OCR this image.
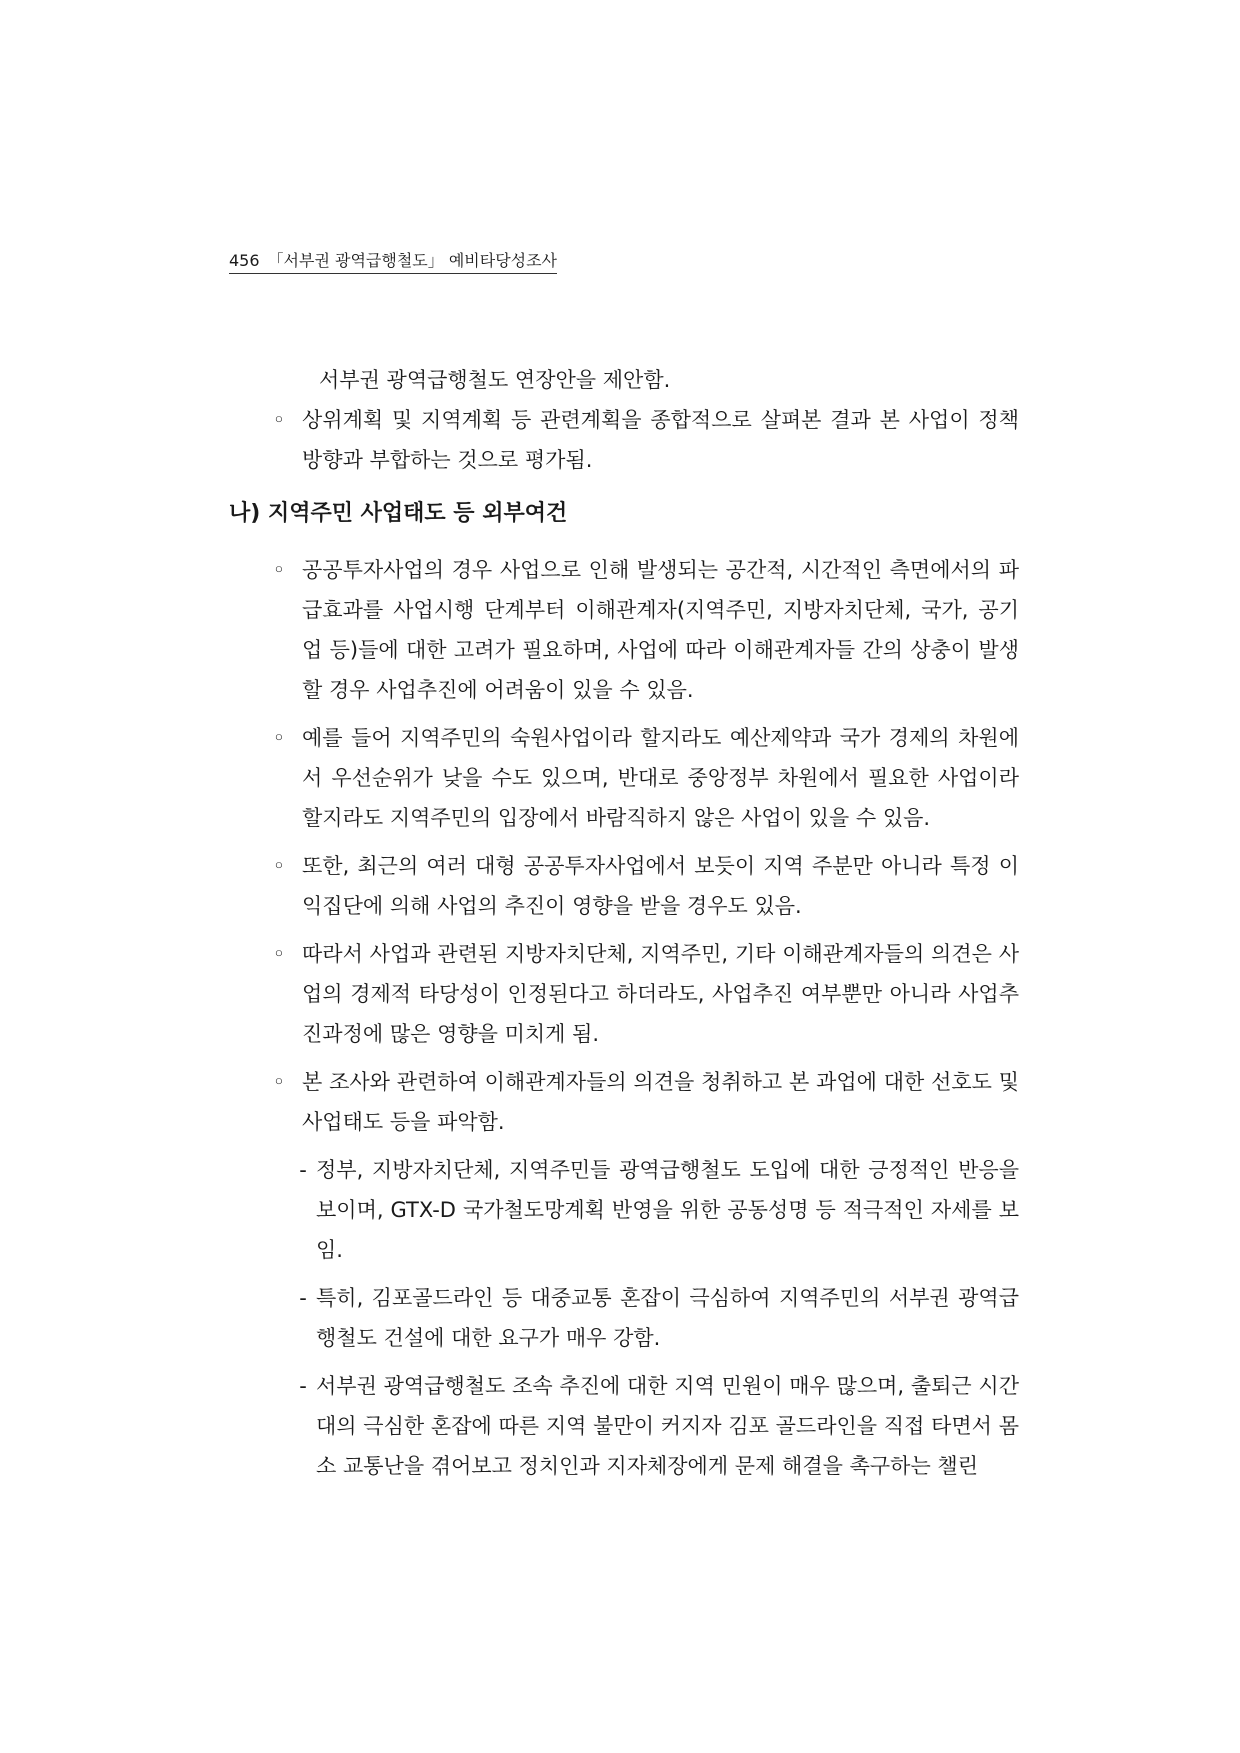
456 「서부권 광역급행철도」 예비타당성조사

서부권 광역급행철도 연장안을 제안함.

◦ 상위계획 및 지역계획 등 관련계획을 종합적으로 살펴본 결과 본 사업이 정책 방향과 부합하는 것으로 평가됨.

나) 지역주민 사업태도 등 외부여건

◦ 공공투자사업의 경우 사업으로 인해 발생되는 공간적, 시간적인 측면에서의 파급효과를 사업시행 단계부터 이해관계자(지역주민, 지방자치단체, 국가, 공기업 등)들에 대한 고려가 필요하며, 사업에 따라 이해관계자들 간의 상충이 발생할 경우 사업추진에 어려움이 있을 수 있음.

◦ 예를 들어 지역주민의 숙원사업이라 할지라도 예산제약과 국가 경제의 차원에서 우선순위가 낮을 수도 있으며, 반대로 중앙정부 차원에서 필요한 사업이라 할지라도 지역주민의 입장에서 바람직하지 않은 사업이 있을 수 있음.

◦ 또한, 최근의 여러 대형 공공투자사업에서 보듯이 지역 주분만 아니라 특정 이익집단에 의해 사업의 추진이 영향을 받을 경우도 있음.

◦ 따라서 사업과 관련된 지방자치단체, 지역주민, 기타 이해관계자들의 의견은 사업의 경제적 타당성이 인정된다고 하더라도, 사업추진 여부뿐만 아니라 사업추진과정에 많은 영향을 미치게 됨.

◦ 본 조사와 관련하여 이해관계자들의 의견을 청취하고 본 과업에 대한 선호도 및 사업태도 등을 파악함.

- 정부, 지방자치단체, 지역주민들 광역급행철도 도입에 대한 긍정적인 반응을 보이며, GTX-D 국가철도망계획 반영을 위한 공동성명 등 적극적인 자세를 보임.

- 특히, 김포골드라인 등 대중교통 혼잡이 극심하여 지역주민의 서부권 광역급행철도 건설에 대한 요구가 매우 강함.

- 서부권 광역급행철도 조속 추진에 대한 지역 민원이 매우 많으며, 출퇴근 시간대의 극심한 혼잡에 따른 지역 불만이 커지자 김포 골드라인을 직접 타면서 몸소 교통난을 겪어보고 정치인과 지자체장에게 문제 해결을 촉구하는 챌린
